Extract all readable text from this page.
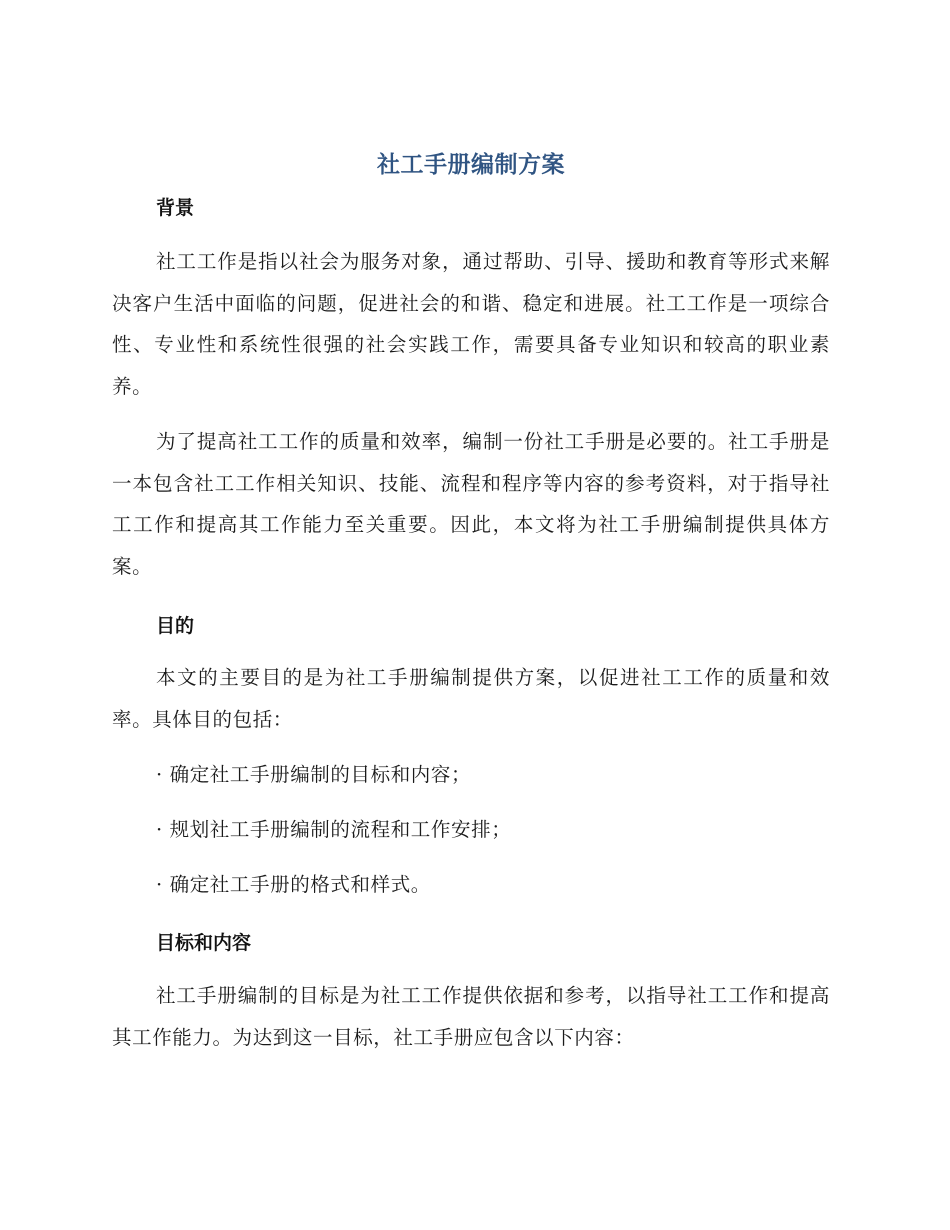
社工手册编制方案
背景

社工工作是指以社会为服务对象，通过帮助、引导、援助和教育等形式来解决客户生活中面临的问题，促进社会的和谐、稳定和进展。社工工作是一项综合性、专业性和系统性很强的社会实践工作，需要具备专业知识和较高的职业素养。

为了提高社工工作的质量和效率，编制一份社工手册是必要的。社工手册是一本包含社工工作相关知识、技能、流程和程序等内容的参考资料，对于指导社工工作和提高其工作能力至关重要。因此，本文将为社工手册编制提供具体方案。

目的

本文的主要目的是为社工手册编制提供方案，以促进社工工作的质量和效率。具体目的包括：

· 确定社工手册编制的目标和内容；
· 规划社工手册编制的流程和工作安排；
· 确定社工手册的格式和样式。
目标和内容

社工手册编制的目标是为社工工作提供依据和参考，以指导社工工作和提高其工作能力。为达到这一目标，社工手册应包含以下内容：
